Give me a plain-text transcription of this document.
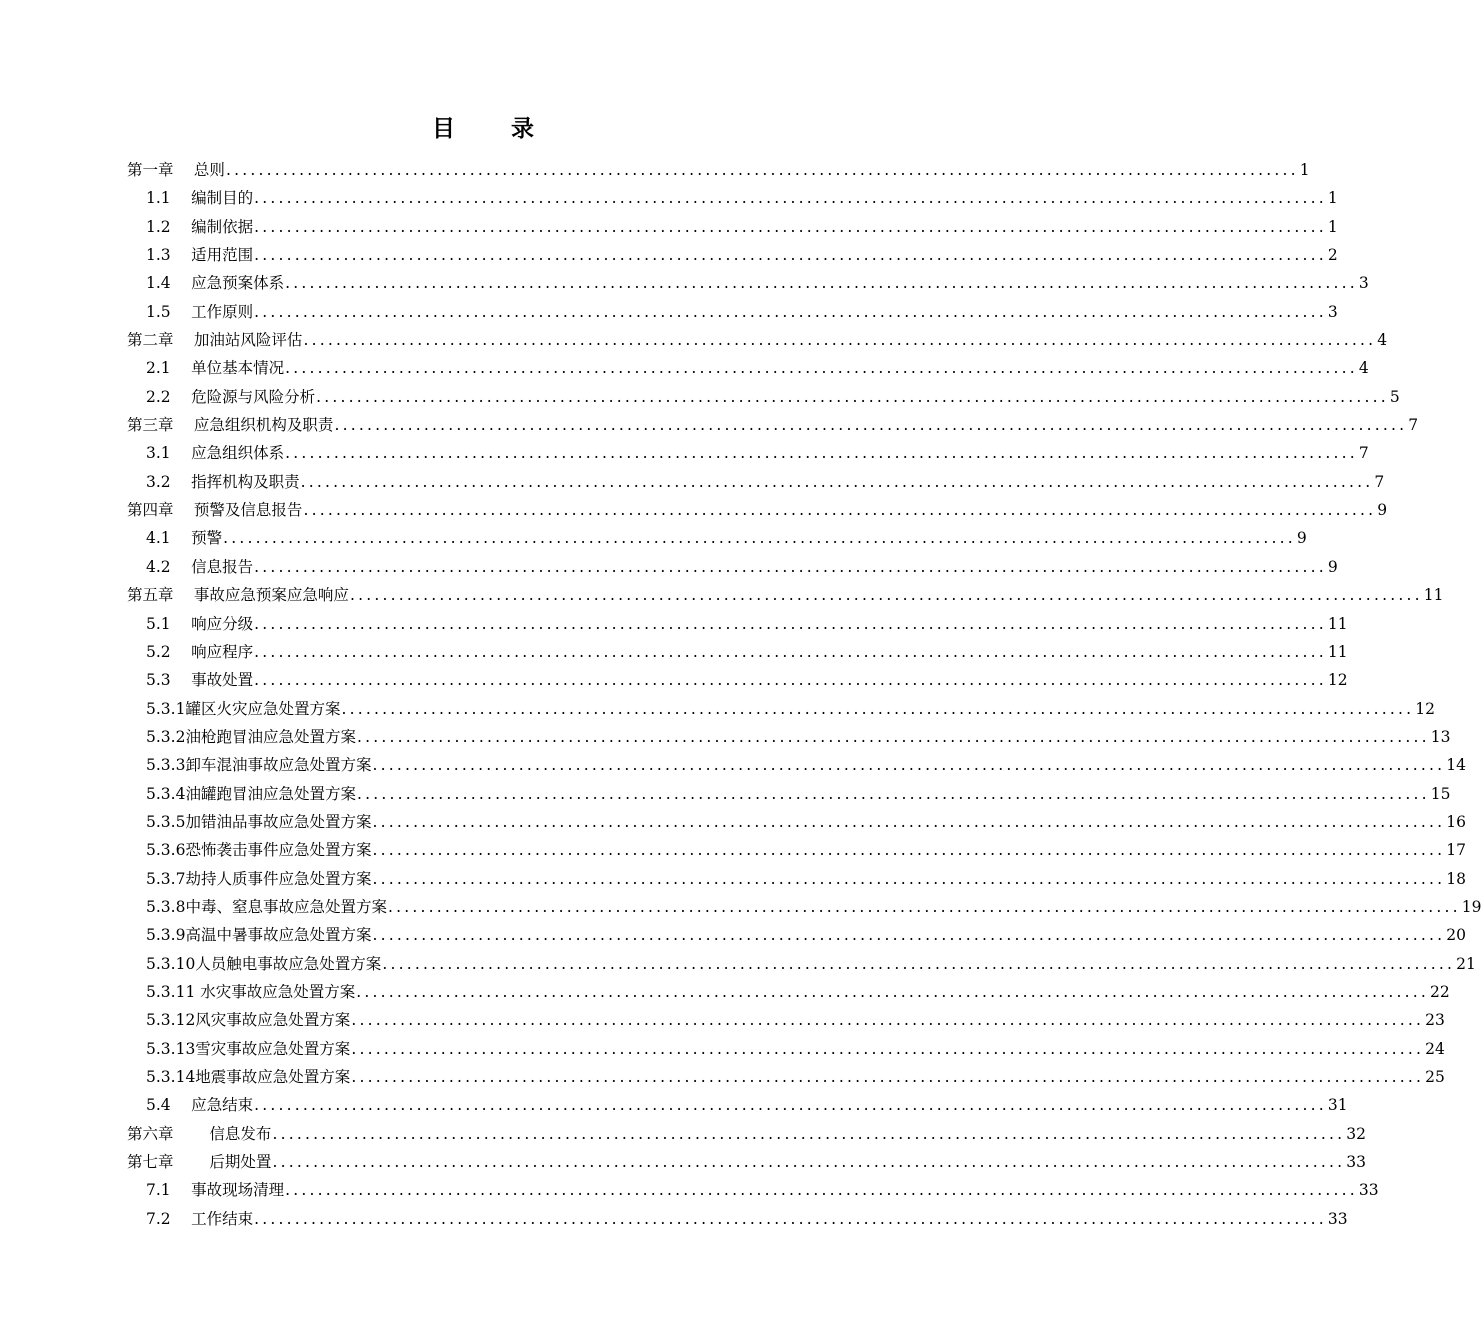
目 录
第一章　 总则 .................................................................................................................................... 1
1.1　 编制目的 .................................................................................................................................... 1
1.2　 编制依据 .................................................................................................................................... 1
1.3　 适用范围 .................................................................................................................................... 2
1.4　 应急预案体系 .................................................................................................................................... 3
1.5　 工作原则 .................................................................................................................................... 3
第二章　 加油站风险评估 .................................................................................................................................... 4
2.1　 单位基本情况 .................................................................................................................................... 4
2.2　 危险源与风险分析 .................................................................................................................................... 5
第三章　 应急组织机构及职责 .................................................................................................................................... 7
3.1　 应急组织体系 .................................................................................................................................... 7
3.2　 指挥机构及职责 .................................................................................................................................... 7
第四章　 预警及信息报告 .................................................................................................................................... 9
4.1　 预警 .................................................................................................................................... 9
4.2　 信息报告 .................................................................................................................................... 9
第五章　 事故应急预案应急响应 .................................................................................................................................... 11
5.1　 响应分级 .................................................................................................................................... 11
5.2　 响应程序 .................................................................................................................................... 11
5.3　 事故处置 .................................................................................................................................... 12
5.3.1罐区火灾应急处置方案 .................................................................................................................................... 12
5.3.2油枪跑冒油应急处置方案 .................................................................................................................................... 13
5.3.3卸车混油事故应急处置方案 .................................................................................................................................... 14
5.3.4油罐跑冒油应急处置方案 .................................................................................................................................... 15
5.3.5加错油品事故应急处置方案 .................................................................................................................................... 16
5.3.6恐怖袭击事件应急处置方案 .................................................................................................................................... 17
5.3.7劫持人质事件应急处置方案 .................................................................................................................................... 18
5.3.8中毒、窒息事故应急处置方案 .................................................................................................................................... 19
5.3.9高温中暑事故应急处置方案 .................................................................................................................................... 20
5.3.10人员触电事故应急处置方案 .................................................................................................................................... 21
5.3.11 水灾事故应急处置方案 .................................................................................................................................... 22
5.3.12风灾事故应急处置方案 .................................................................................................................................... 23
5.3.13雪灾事故应急处置方案 .................................................................................................................................... 24
5.3.14地震事故应急处置方案 .................................................................................................................................... 25
5.4　 应急结束 .................................................................................................................................... 31
第六章　　 信息发布 .................................................................................................................................... 32
第七章　　 后期处置 .................................................................................................................................... 33
7.1　 事故现场清理 .................................................................................................................................... 33
7.2　 工作结束 .................................................................................................................................... 33
